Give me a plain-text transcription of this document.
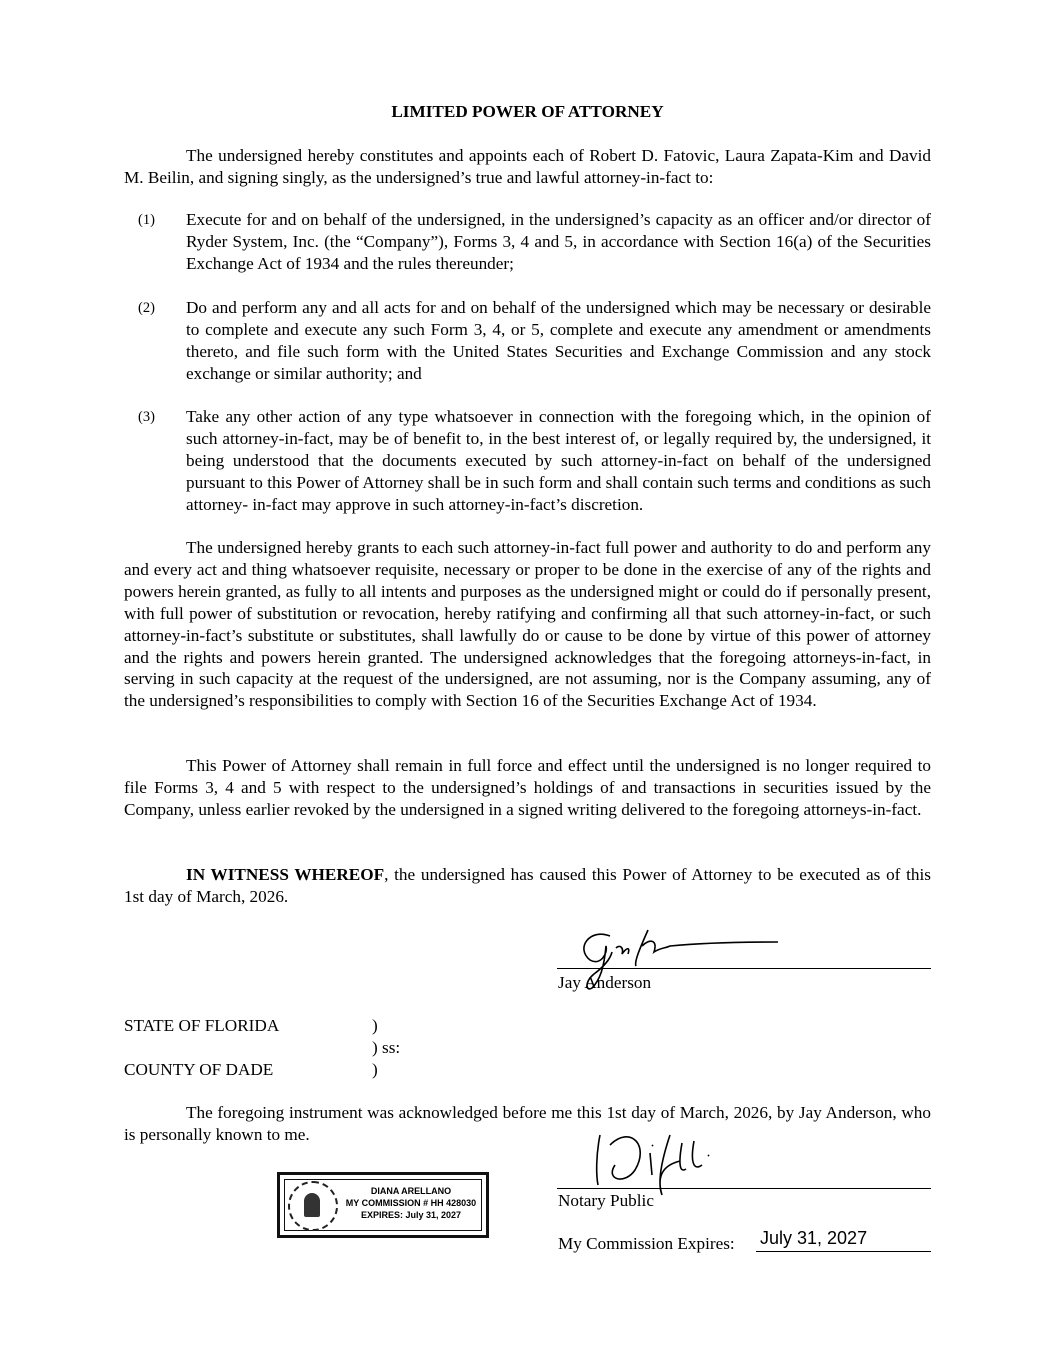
LIMITED POWER OF ATTORNEY
The undersigned hereby constitutes and appoints each of Robert D. Fatovic, Laura Zapata-Kim and David M. Beilin, and signing singly, as the undersigned’s true and lawful attorney-in-fact to:
(1) Execute for and on behalf of the undersigned, in the undersigned’s capacity as an officer and/or director of Ryder System, Inc. (the “Company”), Forms 3, 4 and 5, in accordance with Section 16(a) of the Securities Exchange Act of 1934 and the rules thereunder;
(2) Do and perform any and all acts for and on behalf of the undersigned which may be necessary or desirable to complete and execute any such Form 3, 4, or 5, complete and execute any amendment or amendments thereto, and file such form with the United States Securities and Exchange Commission and any stock exchange or similar authority; and
(3) Take any other action of any type whatsoever in connection with the foregoing which, in the opinion of such attorney-in-fact, may be of benefit to, in the best interest of, or legally required by, the undersigned, it being understood that the documents executed by such attorney-in-fact on behalf of the undersigned pursuant to this Power of Attorney shall be in such form and shall contain such terms and conditions as such attorney- in-fact may approve in such attorney-in-fact’s discretion.
The undersigned hereby grants to each such attorney-in-fact full power and authority to do and perform any and every act and thing whatsoever requisite, necessary or proper to be done in the exercise of any of the rights and powers herein granted, as fully to all intents and purposes as the undersigned might or could do if personally present, with full power of substitution or revocation, hereby ratifying and confirming all that such attorney-in-fact, or such attorney-in-fact’s substitute or substitutes, shall lawfully do or cause to be done by virtue of this power of attorney and the rights and powers herein granted. The undersigned acknowledges that the foregoing attorneys-in-fact, in serving in such capacity at the request of the undersigned, are not assuming, nor is the Company assuming, any of the undersigned’s responsibilities to comply with Section 16 of the Securities Exchange Act of 1934.
This Power of Attorney shall remain in full force and effect until the undersigned is no longer required to file Forms 3, 4 and 5 with respect to the undersigned’s holdings of and transactions in securities issued by the Company, unless earlier revoked by the undersigned in a signed writing delivered to the foregoing attorneys-in-fact.
IN WITNESS WHEREOF, the undersigned has caused this Power of Attorney to be executed as of this 1st day of March, 2026.
Jay Anderson
STATE OF FLORIDA	)
) ss:
COUNTY OF DADE	)
The foregoing instrument was acknowledged before me this 1st day of March, 2026, by Jay Anderson, who is personally known to me.
DIANA ARELLANO
MY COMMISSION # HH 428030
EXPIRES: July 31, 2027
Notary Public
My Commission Expires: July 31, 2027
